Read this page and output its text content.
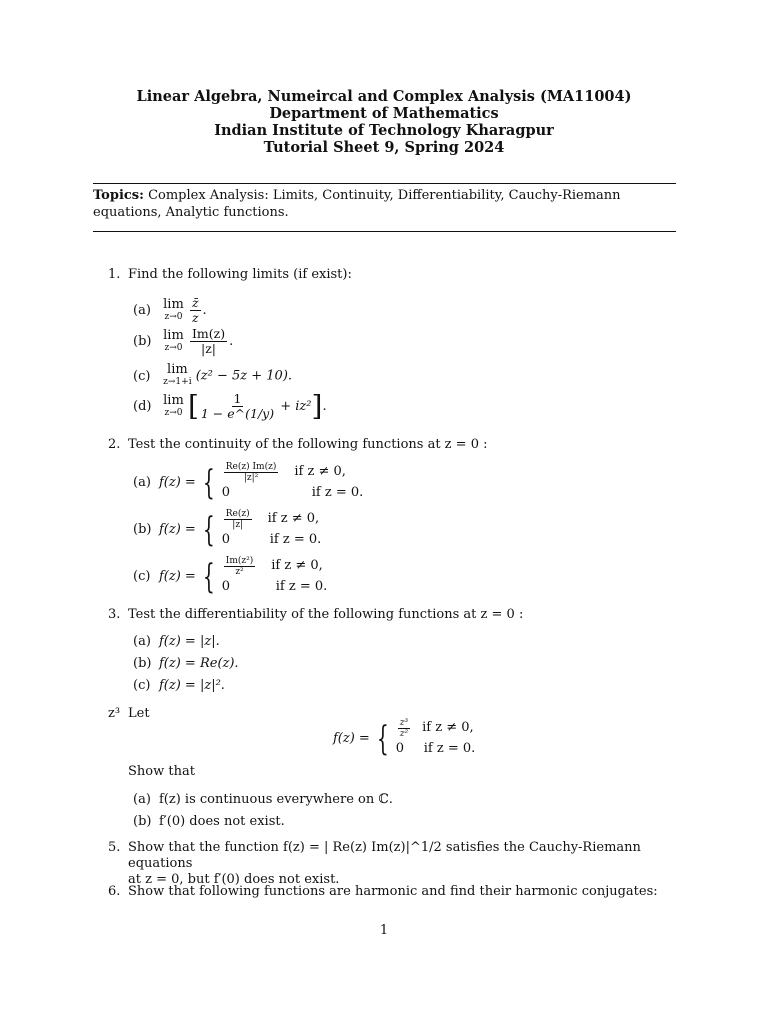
Linear Algebra, Numeircal and Complex Analysis (MA11004)
Department of Mathematics
Indian Institute of Technology Kharagpur
Tutorial Sheet 9, Spring 2024
Topics: Complex Analysis: Limits, Continuity, Differentiability, Cauchy-Riemann equations, Analytic functions.
1. Find the following limits (if exist):
(a) lim
z→0
$\frac{z̄}{z}$ .
(b) lim
z→0
$\frac{Im(z)}{|z|}$ .
(c) lim
z→1+i (z² − 5z + 10).
(d) lim
z→0 [ $\frac{1}{1 - e\^{}(1/y)} + iz^2$].
2. Test the continuity of the following functions at z = 0 :
(a) f(z) = { $\frac{Re(z) Im(z)}{\text{|z|²}}$ if z ≠ 0,
0	if z = 0.
(b) f(z) = { $\frac{Re(z)}{|z|}$ if z ≠ 0,
0	if z = 0.
(c) f(z) = { $\frac{\text{Im(z²)}}{\text{z²}}$ if z ≠ 0,
0	if z = 0.
3. Test the differentiability of the following functions at z = 0 :
(a) f(z) = |z|.
(b) f(z) = Re(z).
(c) f(z) = |z|².
z³ Let
f(z) = { $\frac{\text{z³}}{\text{z²}}$ if z ≠ 0,
0	if z = 0.
Show that
(a) f(z) is continuous everywhere on ℂ.
(b) f′(0) does not exist.
5. Show that the function f(z) = | Re(z) Im(z)|^1/2 satisfies the Cauchy-Riemann equations
at z = 0, but f′(0) does not exist.
6. Show that following functions are harmonic and find their harmonic conjugates:
1
